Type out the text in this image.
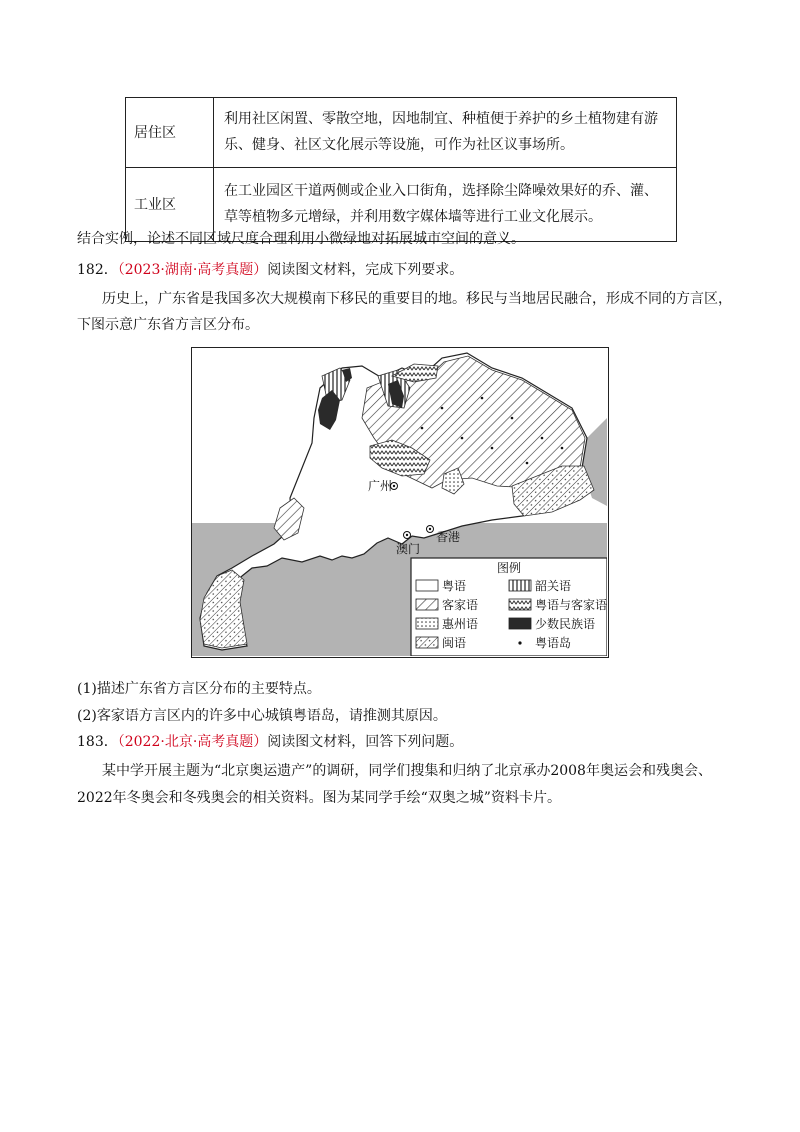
居住区	利用社区闲置、零散空地，因地制宜、种植便于养护的乡土植物建有游
乐、健身、社区文化展示等设施，可作为社区议事场所。

工业区	在工业园区干道两侧或企业入口街角，选择除尘降噪效果好的乔、灌、
草等植物多元增绿，并利用数字媒体墙等进行工业文化展示。
结合实例，论述不同区域尺度合理利用小微绿地对拓展城市空间的意义。
182．（2023·湖南·高考真题）阅读图文材料，完成下列要求。
历史上，广东省是我国多次大规模南下移民的重要目的地。移民与当地居民融合，形成不同的方言区，
下图示意广东省方言区分布。
广州
香港
澳门
图例
粤语	韶关语
客家语	粤语与客家语
惠州语	少数民族语
闽语	粤语岛
(1)描述广东省方言区分布的主要特点。
(2)客家语方言区内的许多中心城镇粤语岛，请推测其原因。
183．（2022·北京·高考真题）阅读图文材料，回答下列问题。
某中学开展主题为“北京奥运遗产”的调研，同学们搜集和归纳了北京承办2008年奥运会和残奥会、
2022年冬奥会和冬残奥会的相关资料。图为某同学手绘“双奥之城”资料卡片。
